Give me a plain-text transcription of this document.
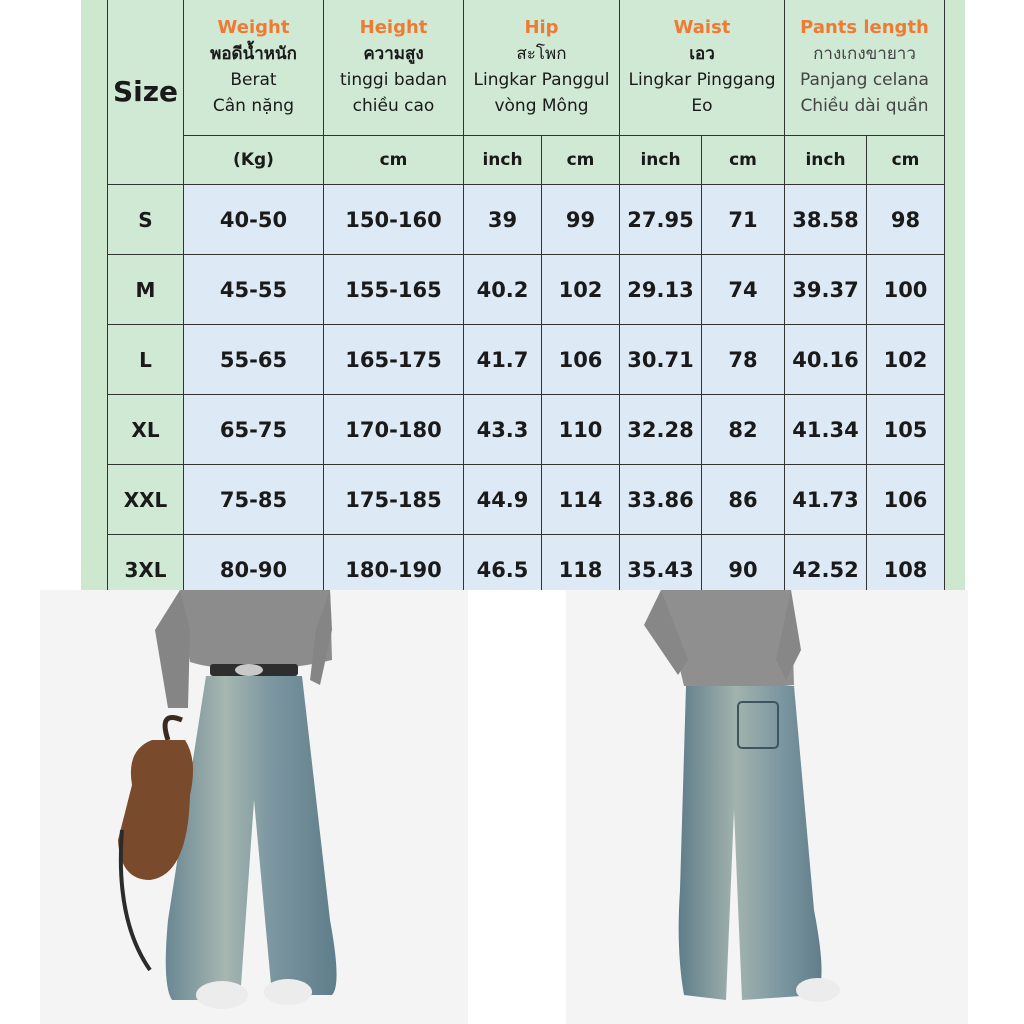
Size	Weight
พอดีน้ำหนัก
Berat
Cân nặng	Height
ความสูง
tinggi badan
chiều cao	Hip
สะโพก
Lingkar Panggul
vòng Mông		Waist
เอว
Lingkar Pinggang
Eo		Pants length
กางเกงขายาว
Panjang celana
Chiều dài quần	

	(Kg)	cm	inch	cm	inch	cm	inch	cm
S	40-50	150-160	39	99	27.95	71	38.58	98
M	45-55	155-165	40.2	102	29.13	74	39.37	100
L	55-65	165-175	41.7	106	30.71	78	40.16	102
XL	65-75	170-180	43.3	110	32.28	82	41.34	105
XXL	75-85	175-185	44.9	114	33.86	86	41.73	106
3XL	80-90	180-190	46.5	118	35.43	90	42.52	108
